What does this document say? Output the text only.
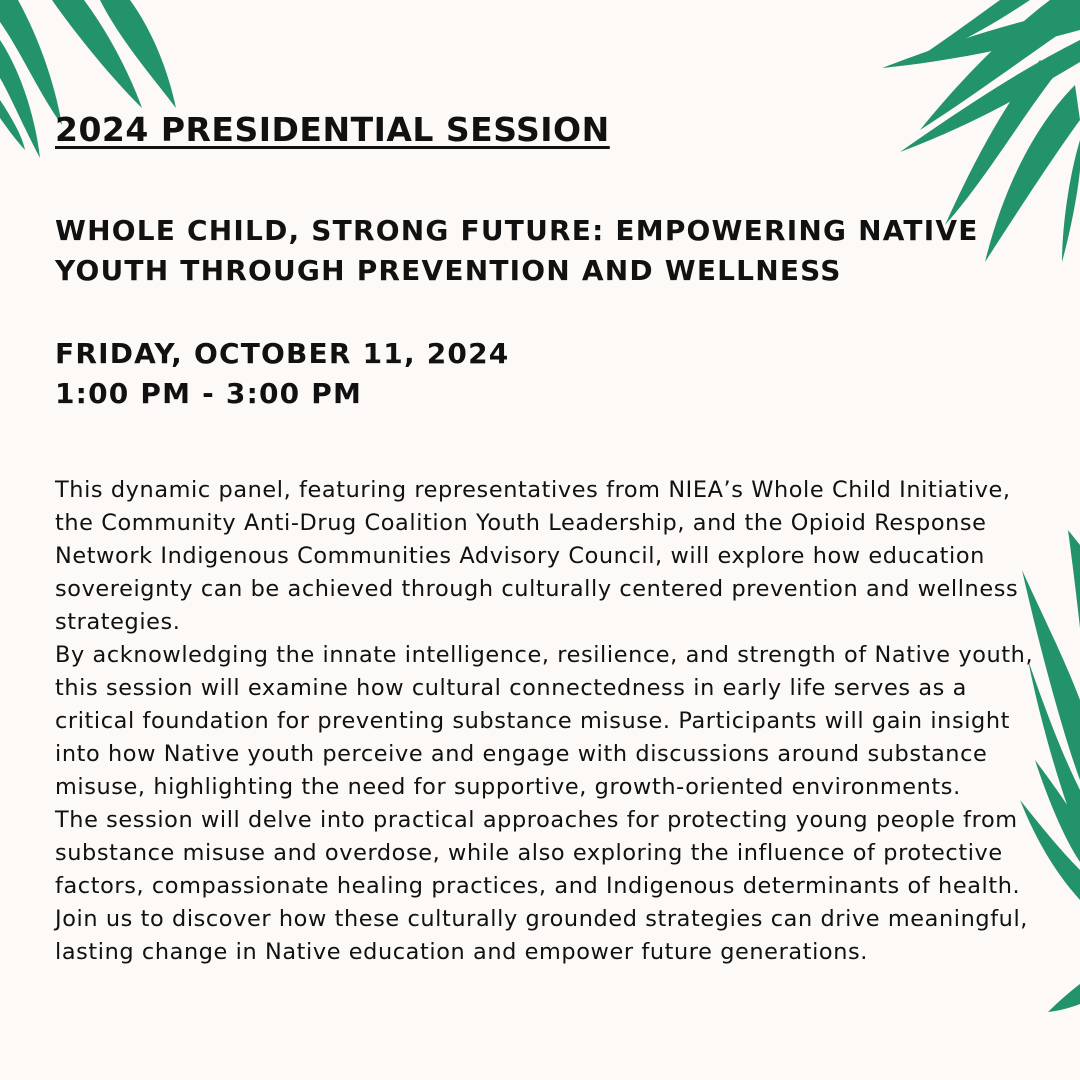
2024 PRESIDENTIAL SESSION
WHOLE CHILD, STRONG FUTURE: EMPOWERING NATIVE YOUTH THROUGH PREVENTION AND WELLNESS
FRIDAY, OCTOBER 11, 2024
1:00 PM - 3:00 PM

This dynamic panel, featuring representatives from NIEA’s Whole Child Initiative, the Community Anti-Drug Coalition Youth Leadership, and the Opioid Response Network Indigenous Communities Advisory Council, will explore how education sovereignty can be achieved through culturally centered prevention and wellness strategies.

By acknowledging the innate intelligence, resilience, and strength of Native youth, this session will examine how cultural connectedness in early life serves as a critical foundation for preventing substance misuse. Participants will gain insight into how Native youth perceive and engage with discussions around substance misuse, highlighting the need for supportive, growth-oriented environments.

The session will delve into practical approaches for protecting young people from substance misuse and overdose, while also exploring the influence of protective factors, compassionate healing practices, and Indigenous determinants of health. Join us to discover how these culturally grounded strategies can drive meaningful, lasting change in Native education and empower future generations.
